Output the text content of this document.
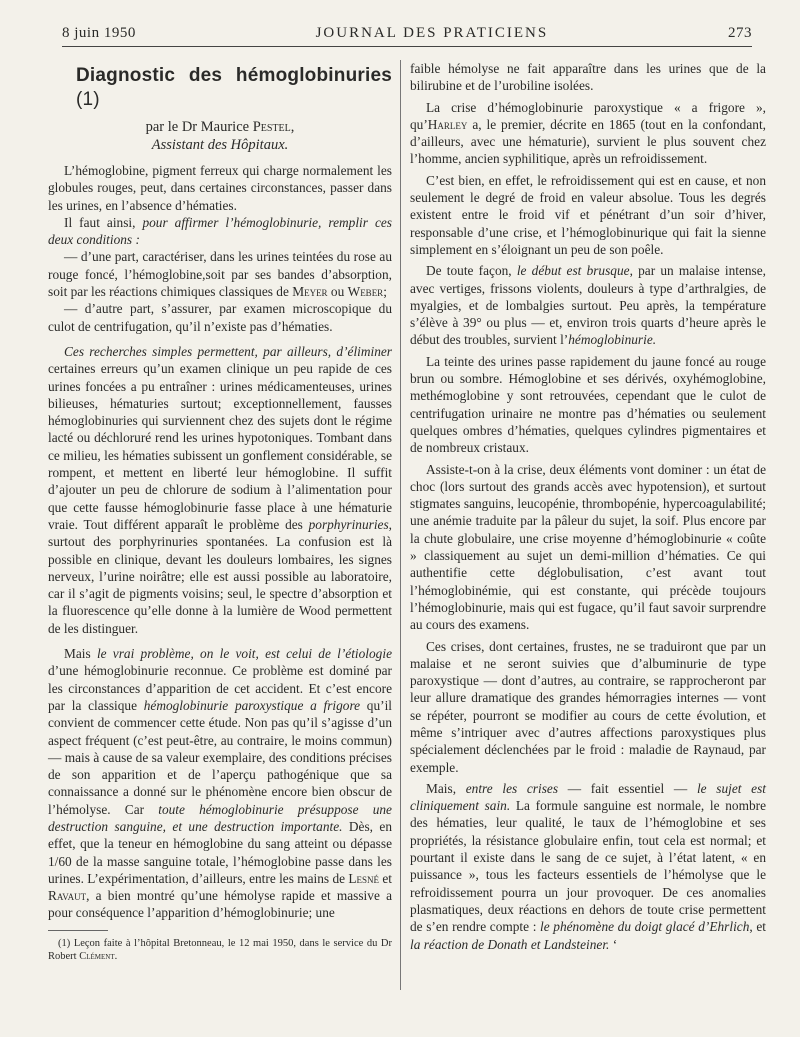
8 juin 1950	JOURNAL DES PRATICIENS	273
Diagnostic des hémoglobinuries (1)
par le Dr Maurice Pestel,
Assistant des Hôpitaux.

L’hémoglobine, pigment ferreux qui charge normalement les globules rouges, peut, dans certaines circonstances, passer dans les urines, en l’absence d’hématies.

Il faut ainsi, pour affirmer l’hémoglobinurie, remplir ces deux conditions :

— d’une part, caractériser, dans les urines teintées du rose au rouge foncé, l’hémoglobine,soit par ses bandes d’absorption, soit par les réactions chimiques classiques de Meyer ou Weber;

— d’autre part, s’assurer, par examen microscopique du culot de centrifugation, qu’il n’existe pas d’hématies.

Ces recherches simples permettent, par ailleurs, d’éliminer certaines erreurs qu’un examen clinique un peu rapide de ces urines foncées a pu entraîner : urines médicamenteuses, urines bilieuses, hématuries surtout; exceptionnellement, fausses hémoglobinuries qui surviennent chez des sujets dont le régime lacté ou déchloruré rend les urines hypotoniques. Tombant dans ce milieu, les hématies subissent un gonflement considérable, se rompent, et mettent en liberté leur hémoglobine. Il suffit d’ajouter un peu de chlorure de sodium à l’alimentation pour que cette fausse hémoglobinurie fasse place à une hématurie vraie. Tout différent apparaît le problème des porphyrinuries, surtout des porphyrinuries spontanées. La confusion est là possible en clinique, devant les douleurs lombaires, les signes nerveux, l’urine noirâtre; elle est aussi possible au laboratoire, car il s’agit de pigments voisins; seul, le spectre d’absorption et la fluorescence qu’elle donne à la lumière de Wood permettent de les distinguer.

Mais le vrai problème, on le voit, est celui de l’étiologie d’une hémoglobinurie reconnue. Ce problème est dominé par les circonstances d’apparition de cet accident. Et c’est encore par la classique hémoglobinurie paroxystique a frigore qu’il convient de commencer cette étude. Non pas qu’il s’agisse d’un aspect fréquent (c’est peut-être, au contraire, le moins commun) — mais à cause de sa valeur exemplaire, des conditions précises de son apparition et de l’aperçu pathogénique que sa connaissance a donné sur le phénomène encore bien obscur de l’hémolyse. Car toute hémoglobinurie présuppose une destruction sanguine, et une destruction importante. Dès, en effet, que la teneur en hémoglobine du sang atteint ou dépasse 1/60 de la masse sanguine totale, l’hémoglobine passe dans les urines. L’expérimentation, d’ailleurs, entre les mains de Lesné et Ravaut, a bien montré qu’une hémolyse rapide et massive a pour conséquence l’apparition d’hémoglobinurie; une

(1) Leçon faite à l’hôpital Bretonneau, le 12 mai 1950, dans le service du Dr Robert Clément.

faible hémolyse ne fait apparaître dans les urines que de la bilirubine et de l’urobiline isolées.

La crise d’hémoglobinurie paroxystique « a frigore », qu’Harley a, le premier, décrite en 1865 (tout en la confondant, d’ailleurs, avec une hématurie), survient le plus souvent chez l’homme, ancien syphilitique, après un refroidissement.

C’est bien, en effet, le refroidissement qui est en cause, et non seulement le degré de froid en valeur absolue. Tous les degrés existent entre le froid vif et pénétrant d’un soir d’hiver, responsable d’une crise, et l’hémoglobinurique qui fait la sienne simplement en s’éloignant un peu de son poêle.

De toute façon, le début est brusque, par un malaise intense, avec vertiges, frissons violents, douleurs à type d’arthralgies, de myalgies, et de lombalgies surtout. Peu après, la température s’élève à 39° ou plus — et, environ trois quarts d’heure après le début des troubles, survient l’hémoglobinurie.

La teinte des urines passe rapidement du jaune foncé au rouge brun ou sombre. Hémoglobine et ses dérivés, oxyhémoglobine, methémoglobine y sont retrouvées, cependant que le culot de centrifugation urinaire ne montre pas d’hématies ou seulement quelques ombres d’hématies, quelques cylindres pigmentaires et de nombreux cristaux.

Assiste-t-on à la crise, deux éléments vont dominer : un état de choc (lors surtout des grands accès avec hypotension), et surtout stigmates sanguins, leucopénie, thrombopénie, hypercoagulabilité; une anémie traduite par la pâleur du sujet, la soif. Plus encore par la chute globulaire, une crise moyenne d’hémoglobinurie « coûte » classiquement au sujet un demi-million d’hématies. Ce qui authentifie cette déglobulisation, c’est avant tout l’hémoglobinémie, qui est constante, qui précède toujours l’hémoglobinurie, mais qui est fugace, qu’il faut savoir surprendre au cours des examens.

Ces crises, dont certaines, frustes, ne se traduiront que par un malaise et ne seront suivies que d’albuminurie de type paroxystique — dont d’autres, au contraire, se rapprocheront par leur allure dramatique des grandes hémorragies internes — vont se répéter, pourront se modifier au cours de cette évolution, et même s’intriquer avec d’autres affections paroxystiques plus spécialement déclenchées par le froid : maladie de Raynaud, par exemple.

Mais, entre les crises — fait essentiel — le sujet est cliniquement sain. La formule sanguine est normale, le nombre des hématies, leur qualité, le taux de l’hémoglobine et ses propriétés, la résistance globulaire enfin, tout cela est normal; et pourtant il existe dans le sang de ce sujet, à l’état latent, « en puissance », tous les facteurs essentiels de l’hémolyse que le refroidissement pourra un jour provoquer. De ces anomalies plasmatiques, deux réactions en dehors de toute crise permettent de s’en rendre compte : le phénomène du doigt glacé d’Ehrlich, et la réaction de Donath et Landsteiner. ‘
